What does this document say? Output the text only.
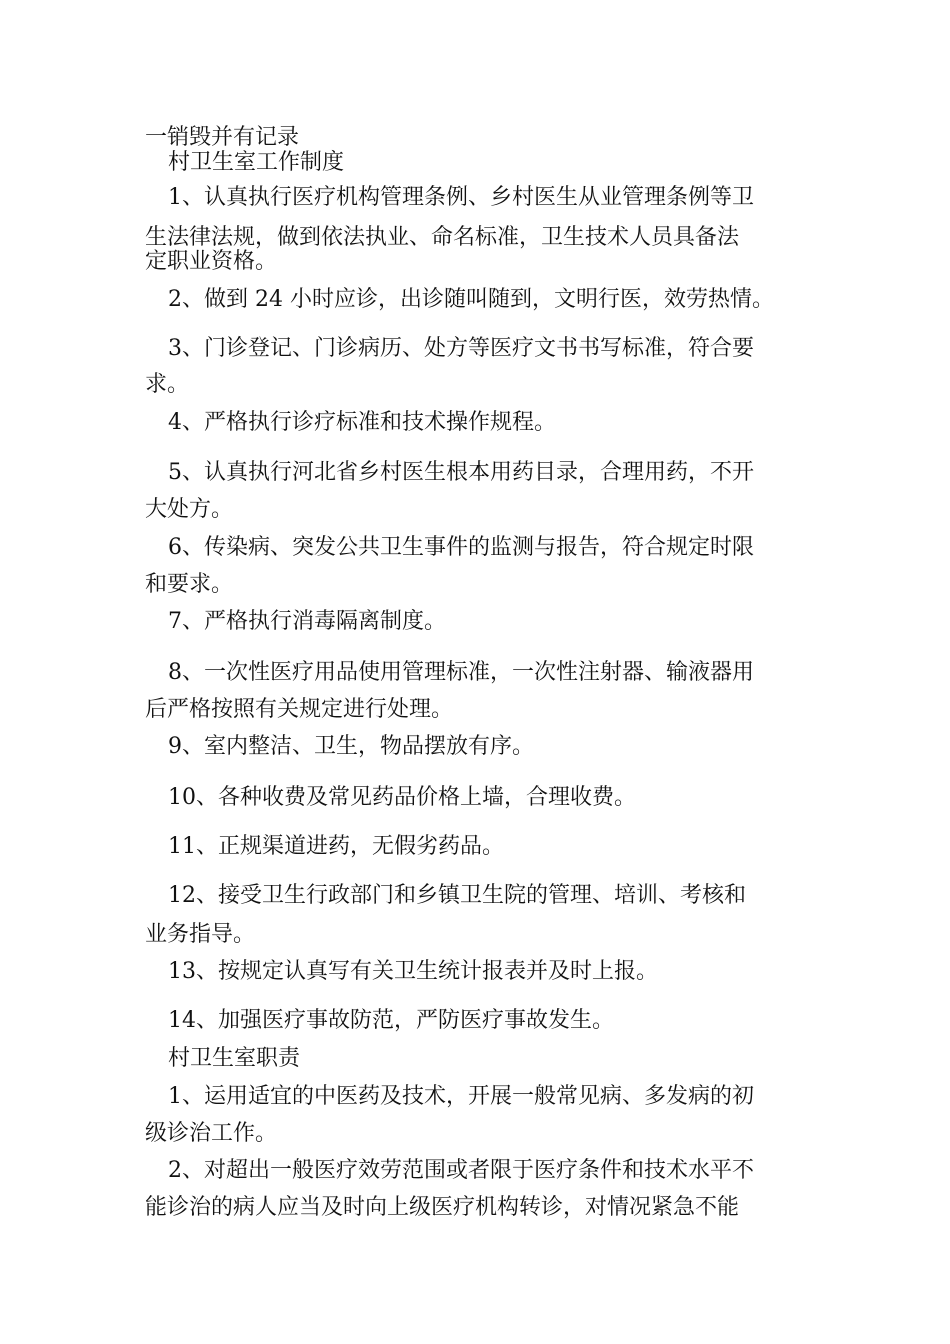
一销毁并有记录
村卫生室工作制度
1、认真执行医疗机构管理条例、乡村医生从业管理条例等卫
生法律法规，做到依法执业、命名标准，卫生技术人员具备法
定职业资格。
2、做到 24 小时应诊，出诊随叫随到，文明行医，效劳热情。
3、门诊登记、门诊病历、处方等医疗文书书写标准，符合要
求。
4、严格执行诊疗标准和技术操作规程。
5、认真执行河北省乡村医生根本用药目录，合理用药，不开
大处方。
6、传染病、突发公共卫生事件的监测与报告，符合规定时限
和要求。
7、严格执行消毒隔离制度。
8、一次性医疗用品使用管理标准，一次性注射器、输液器用
后严格按照有关规定进行处理。
9、室内整洁、卫生，物品摆放有序。
10、各种收费及常见药品价格上墙，合理收费。
11、正规渠道进药，无假劣药品。
12、接受卫生行政部门和乡镇卫生院的管理、培训、考核和
业务指导。
13、按规定认真写有关卫生统计报表并及时上报。
14、加强医疗事故防范，严防医疗事故发生。
村卫生室职责
1、运用适宜的中医药及技术，开展一般常见病、多发病的初
级诊治工作。
2、对超出一般医疗效劳范围或者限于医疗条件和技术水平不
能诊治的病人应当及时向上级医疗机构转诊，对情况紧急不能
